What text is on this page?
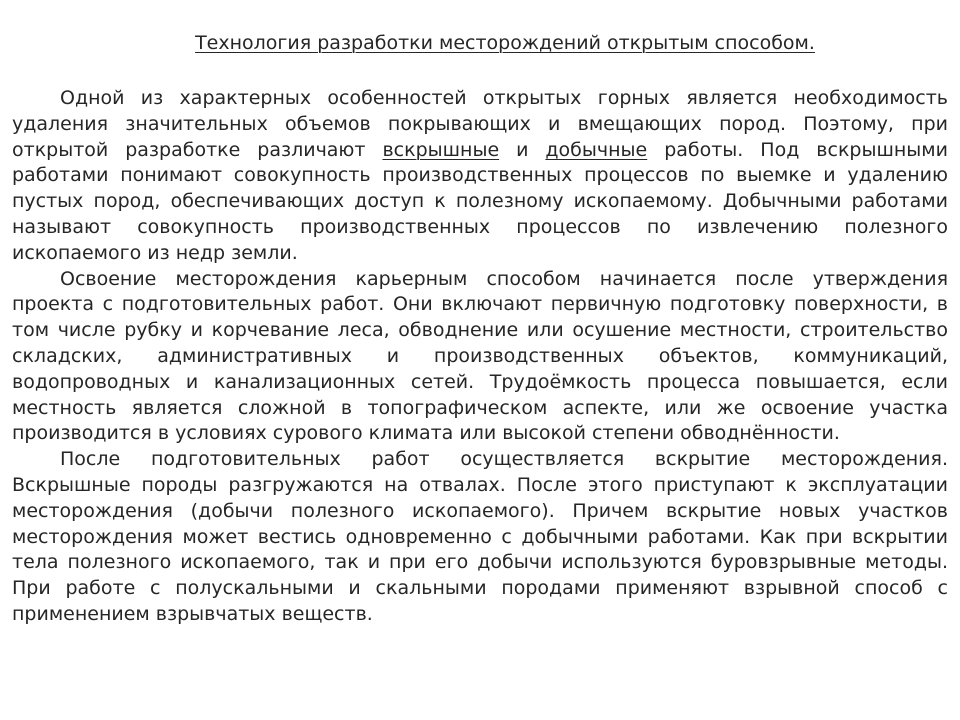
Технология разработки месторождений открытым способом.

Одной из характерных особенностей открытых горных является необходимость удаления значительных объемов покрывающих и вмещающих пород. Поэтому, при открытой разработке различают вскрышные и добычные работы. Под вскрышными работами понимают совокупность производственных процессов по выемке и удалению пустых пород, обеспечивающих доступ к полезному ископаемому. Добычными работами называют совокупность производственных процессов по извлечению полезного ископаемого из недр земли.

Освоение месторождения карьерным способом начинается после утверждения проекта с подготовительных работ. Они включают первичную подготовку поверхности, в том числе рубку и корчевание леса, обводнение или осушение местности, строительство складских, административных и производственных объектов, коммуникаций, водопроводных и канализационных сетей. Трудоёмкость процесса повышается, если местность является сложной в топографическом аспекте, или же освоение участка производится в условиях сурового климата или высокой степени обводнённости.

После подготовительных работ осуществляется вскрытие месторождения. Вскрышные породы разгружаются на отвалах. После этого приступают к эксплуатации месторождения (добычи полезного ископаемого). Причем вскрытие новых участков месторождения может вестись одновременно с добычными работами. Как при вскрытии тела полезного ископаемого, так и при его добычи используются буровзрывные методы. При работе с полускальными и скальными породами применяют взрывной способ с применением взрывчатых веществ.
